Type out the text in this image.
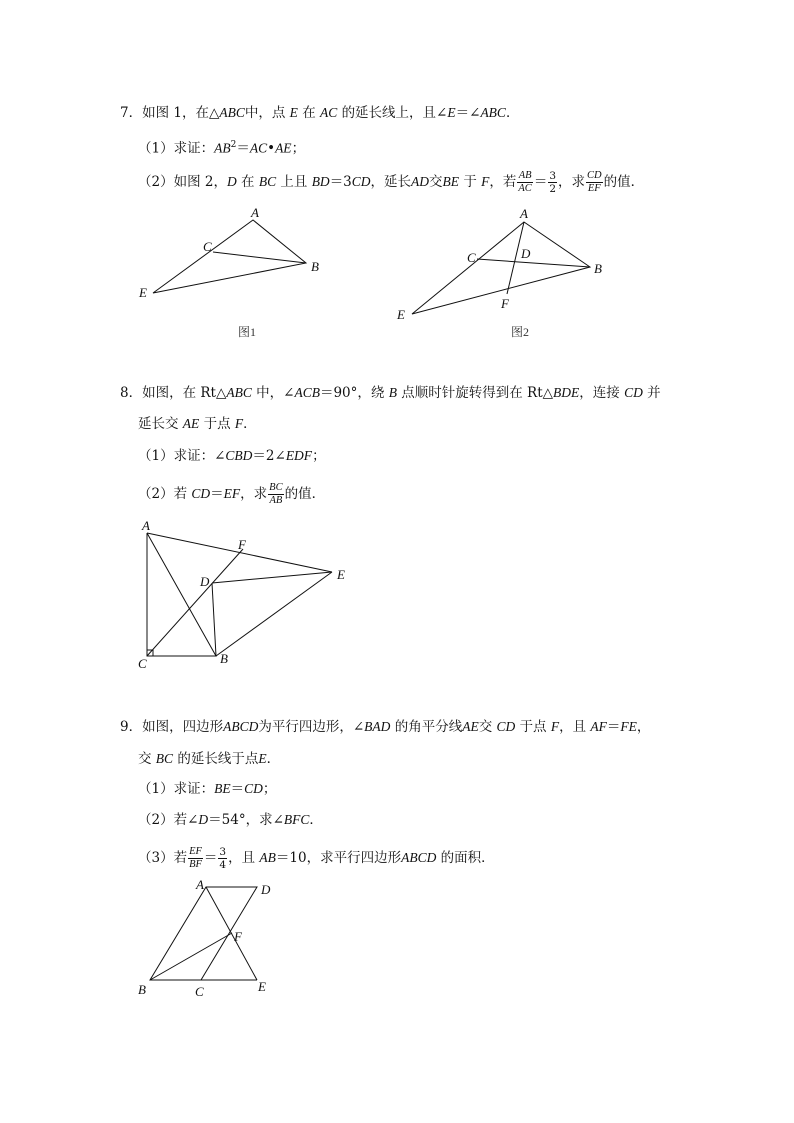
7．如图 1，在△ABC中，点 E 在 AC 的延长线上，且∠E＝∠ABC．
（1）求证：$AB^2=AC•AE$；
（2）如图 2，D 在 BC 上且 BD＝3CD，延长AD交BE 于 F，若 $\frac{AB}{AC} = \frac{3}{2}$ ，求 $\frac{CD}{EF}$ 的值．
A
B
C
E
图1
A
B
C	D
E
F
图2
8．如图，在 Rt△ABC 中，∠ACB＝90°，绕 B 点顺时针旋转得到在 Rt△BDE，连接 CD 并
延长交 AE 于点 F．
（1）求证：∠CBD＝2∠EDF；
（2）若 CD＝EF，求 $\frac{BC}{AB}$ 的值．
A
B
C
D	E
F
9．如图，四边形ABCD为平行四边形，∠BAD 的角平分线AE交 CD 于点 F，且 AF＝FE，
交 BC 的延长线于点E．
（1）求证：BE＝CD；
（2）若∠D＝54°，求∠BFC．
（3）若 $\frac{EF}{BF} = \frac{3}{4}$ ，且 AB＝10，求平行四边形ABCD 的面积．
A
B	C
D
E
F
